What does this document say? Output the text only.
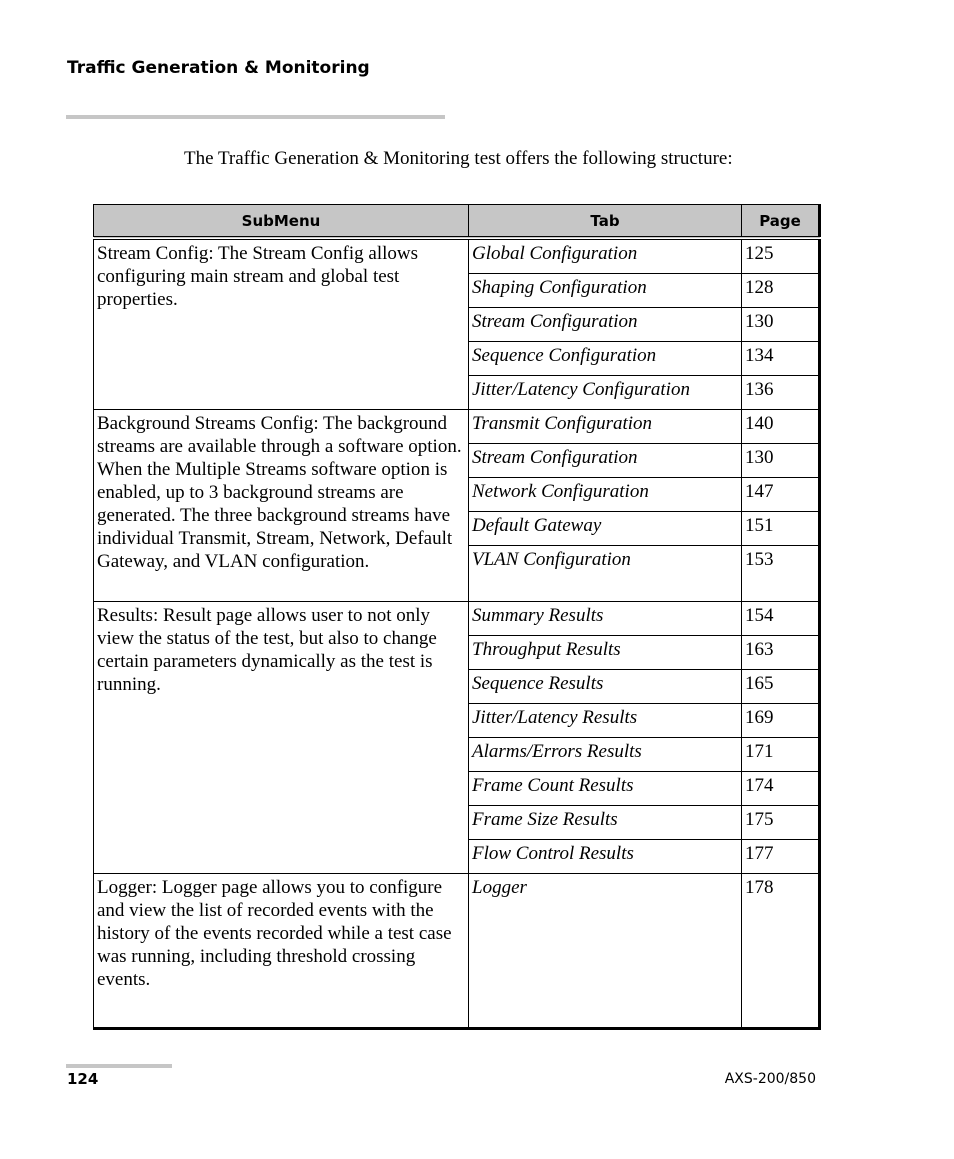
Traffic Generation & Monitoring
The Traffic Generation & Monitoring test offers the following structure:
SubMenu	Tab	Page
Stream Config: The Stream Config allows configuring main stream and global test properties.	Global Configuration	125
	Shaping Configuration	128
	Stream Configuration	130
	Sequence Configuration	134
	Jitter/Latency Configuration	136
Background Streams Config: The background streams are available through a software option. When the Multiple Streams software option is enabled, up to 3 background streams are generated. The three background streams have individual Transmit, Stream, Network, Default Gateway, and VLAN configuration.	Transmit Configuration	140
	Stream Configuration	130
	Network Configuration	147
	Default Gateway	151
	VLAN Configuration	153
Results: Result page allows user to not only view the status of the test, but also to change certain parameters dynamically as the test is running.	Summary Results	154
	Throughput Results	163
	Sequence Results	165
	Jitter/Latency Results	169
	Alarms/Errors Results	171
	Frame Count Results	174
	Frame Size Results	175
	Flow Control Results	177
Logger: Logger page allows you to configure and view the list of recorded events with the history of the events recorded while a test case was running, including threshold crossing events.	Logger	178
124	AXS-200/850
